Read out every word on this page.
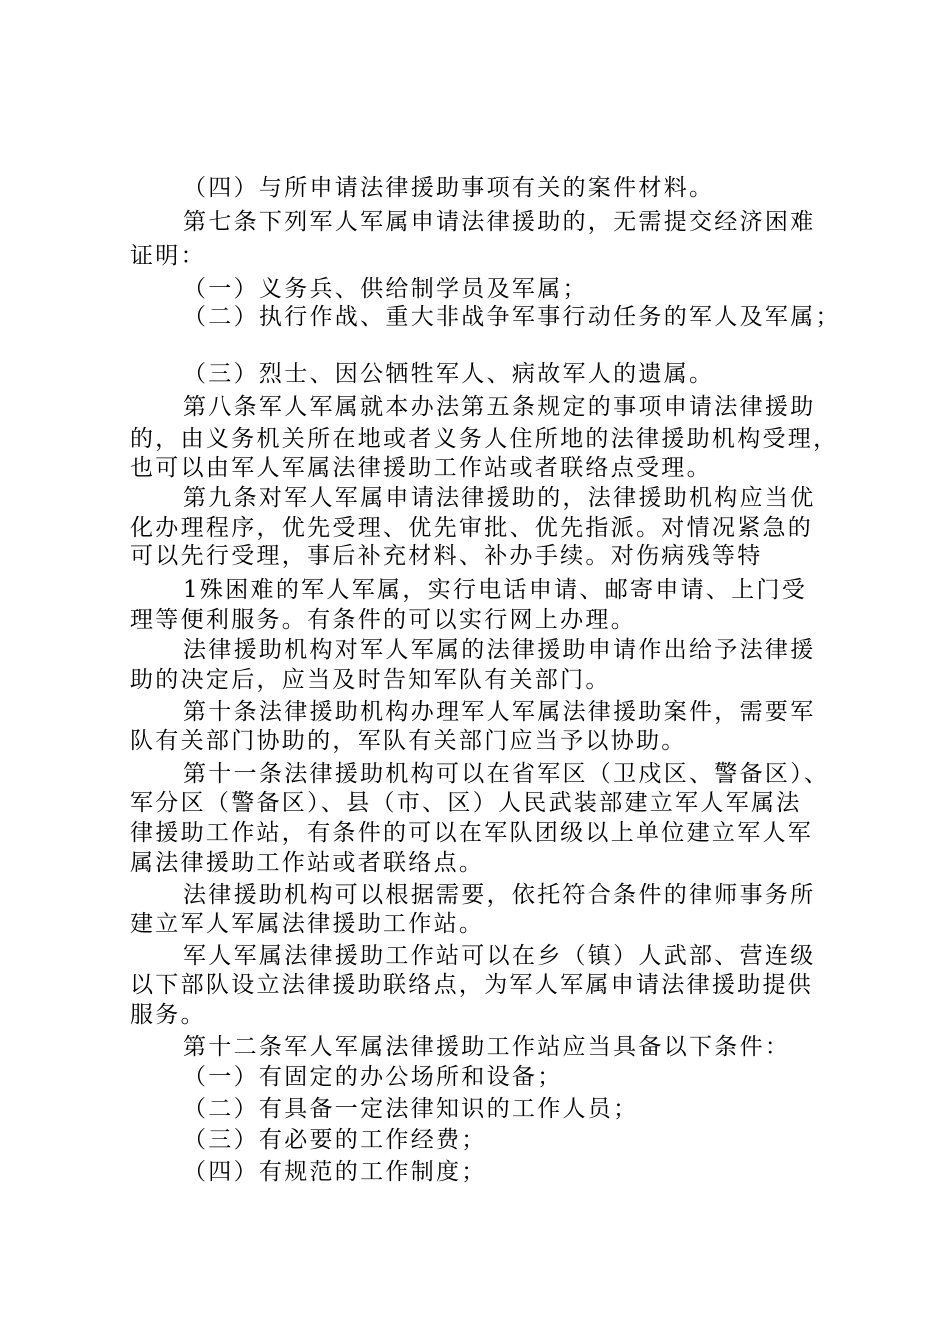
（四）与所申请法律援助事项有关的案件材料。
第七条下列军人军属申请法律援助的，无需提交经济困难
证明：
（一）义务兵、供给制学员及军属；
（二）执行作战、重大非战争军事行动任务的军人及军属；
（三）烈士、因公牺牲军人、病故军人的遗属。
第八条军人军属就本办法第五条规定的事项申请法律援助
的，由义务机关所在地或者义务人住所地的法律援助机构受理，
也可以由军人军属法律援助工作站或者联络点受理。
第九条对军人军属申请法律援助的，法律援助机构应当优
化办理程序，优先受理、优先审批、优先指派。对情况紧急的
可以先行受理，事后补充材料、补办手续。对伤病残等特
1殊困难的军人军属，实行电话申请、邮寄申请、上门受
理等便利服务。有条件的可以实行网上办理。
法律援助机构对军人军属的法律援助申请作出给予法律援
助的决定后，应当及时告知军队有关部门。
第十条法律援助机构办理军人军属法律援助案件，需要军
队有关部门协助的，军队有关部门应当予以协助。
第十一条法律援助机构可以在省军区（卫戍区、警备区）、
军分区（警备区）、县（市、区）人民武装部建立军人军属法
律援助工作站，有条件的可以在军队团级以上单位建立军人军
属法律援助工作站或者联络点。
法律援助机构可以根据需要，依托符合条件的律师事务所
建立军人军属法律援助工作站。
军人军属法律援助工作站可以在乡（镇）人武部、营连级
以下部队设立法律援助联络点，为军人军属申请法律援助提供
服务。
第十二条军人军属法律援助工作站应当具备以下条件：
（一）有固定的办公场所和设备；
（二）有具备一定法律知识的工作人员；
（三）有必要的工作经费；
（四）有规范的工作制度；
